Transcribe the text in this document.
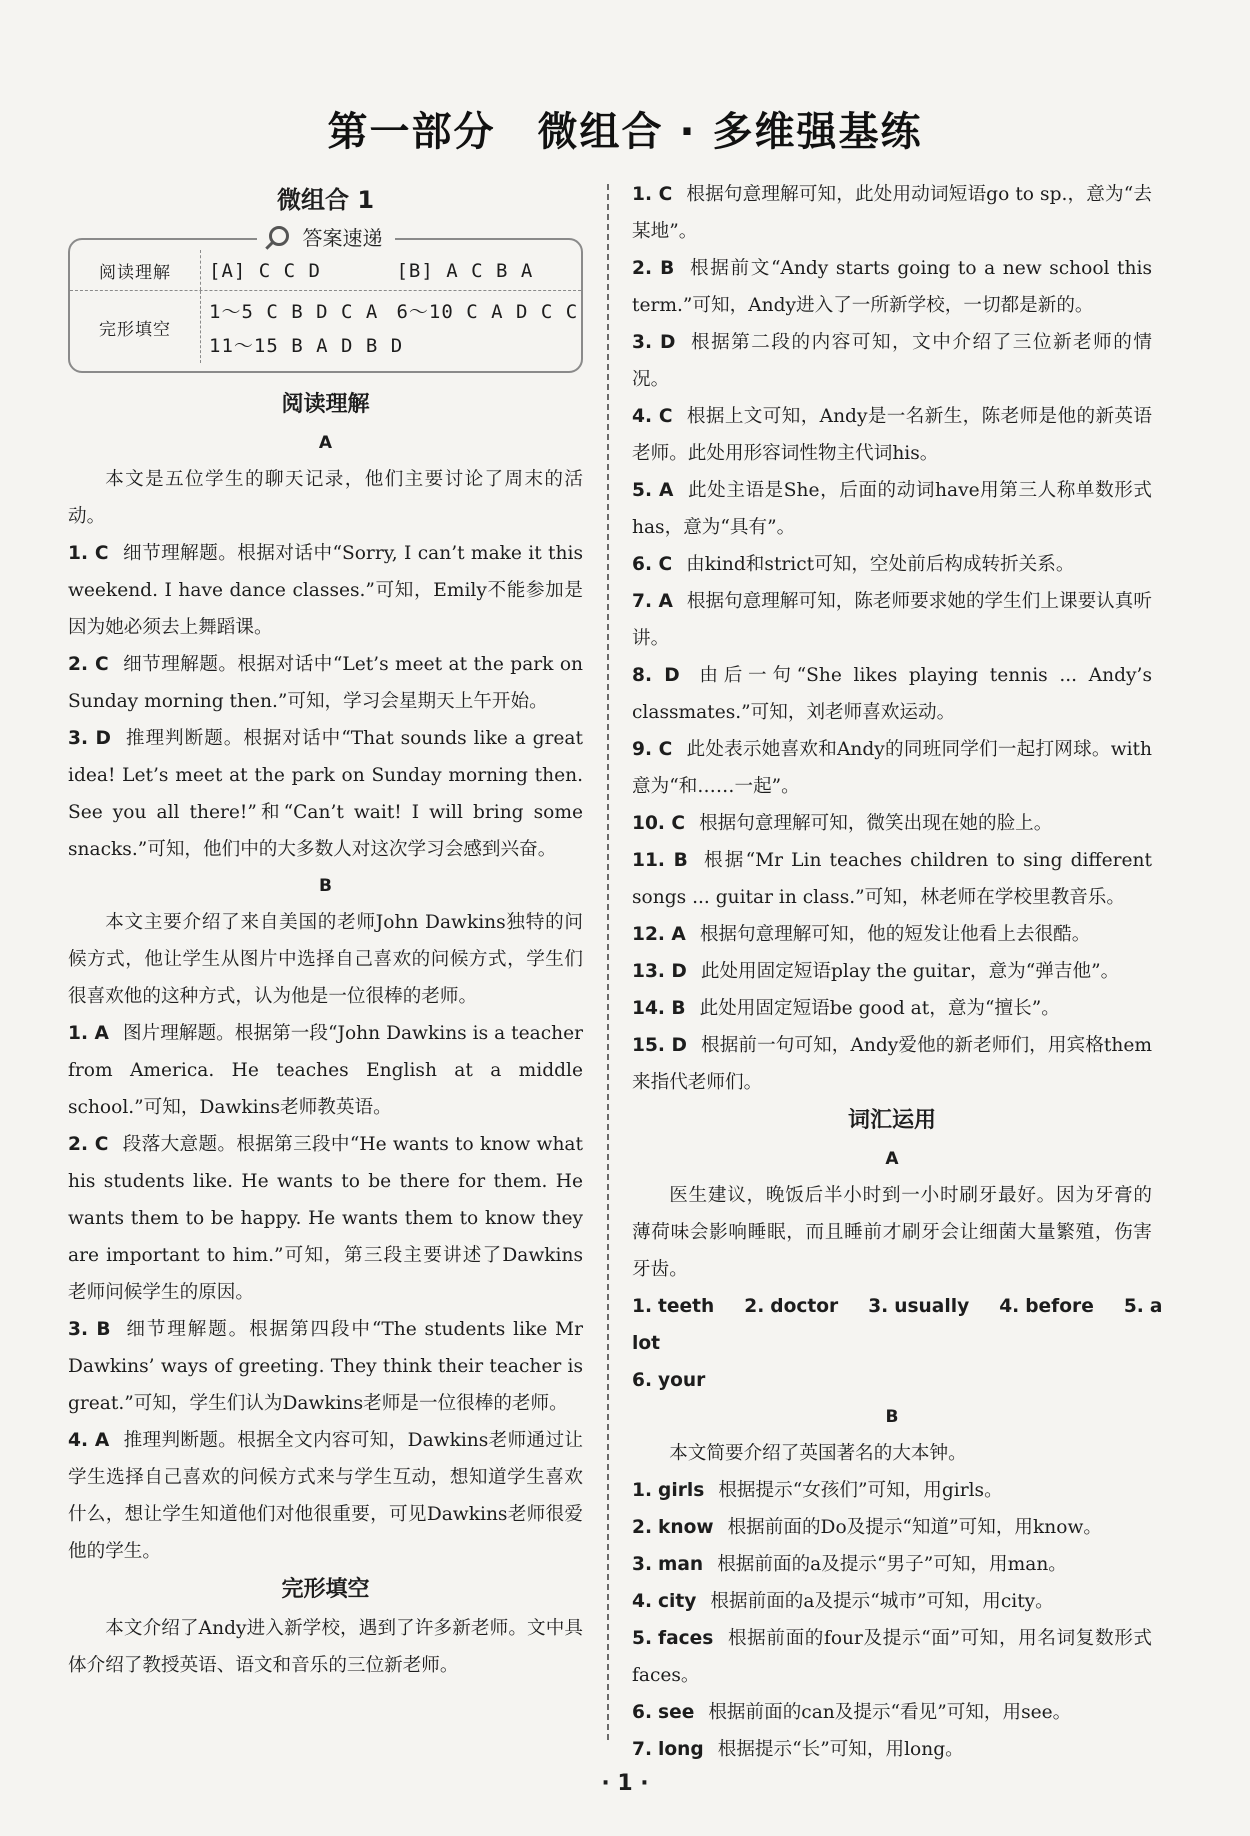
第一部分　微组合 · 多维强基练

微组合 1

答案速递
阅读理解	[A] C C D	[B] A C B A
完形填空
1～5 C B D C A 6～10 C A D C C
11～15 B A D B D

阅读理解

A

本文是五位学生的聊天记录，他们主要讨论了周末的活动。

1. C 细节理解题。根据对话中“Sorry, I can’t make it this weekend. I have dance classes.”可知，Emily不能参加是因为她必须去上舞蹈课。

2. C 细节理解题。根据对话中“Let’s meet at the park on Sunday morning then.”可知，学习会星期天上午开始。

3. D 推理判断题。根据对话中“That sounds like a great idea! Let’s meet at the park on Sunday morning then. See you all there!”和“Can’t wait! I will bring some snacks.”可知，他们中的大多数人对这次学习会感到兴奋。

B

本文主要介绍了来自美国的老师John Dawkins独特的问候方式，他让学生从图片中选择自己喜欢的问候方式，学生们很喜欢他的这种方式，认为他是一位很棒的老师。

1. A 图片理解题。根据第一段“John Dawkins is a teacher from America. He teaches English at a middle school.”可知，Dawkins老师教英语。

2. C 段落大意题。根据第三段中“He wants to know what his students like. He wants to be there for them. He wants them to be happy. He wants them to know they are important to him.”可知，第三段主要讲述了Dawkins老师问候学生的原因。

3. B 细节理解题。根据第四段中“The students like Mr Dawkins’ ways of greeting. They think their teacher is great.”可知，学生们认为Dawkins老师是一位很棒的老师。

4. A 推理判断题。根据全文内容可知，Dawkins老师通过让学生选择自己喜欢的问候方式来与学生互动，想知道学生喜欢什么，想让学生知道他们对他很重要，可见Dawkins老师很爱他的学生。

完形填空

本文介绍了Andy进入新学校，遇到了许多新老师。文中具体介绍了教授英语、语文和音乐的三位新老师。

1. C 根据句意理解可知，此处用动词短语go to sp.，意为“去某地”。

2. B 根据前文“Andy starts going to a new school this term.”可知，Andy进入了一所新学校，一切都是新的。

3. D 根据第二段的内容可知，文中介绍了三位新老师的情况。

4. C 根据上文可知，Andy是一名新生，陈老师是他的新英语老师。此处用形容词性物主代词his。

5. A 此处主语是She，后面的动词have用第三人称单数形式has，意为“具有”。

6. C 由kind和strict可知，空处前后构成转折关系。

7. A 根据句意理解可知，陈老师要求她的学生们上课要认真听讲。

8. D 由后一句“She likes playing tennis ... Andy’s classmates.”可知，刘老师喜欢运动。

9. C 此处表示她喜欢和Andy的同班同学们一起打网球。with意为“和……一起”。

10. C 根据句意理解可知，微笑出现在她的脸上。

11. B 根据“Mr Lin teaches children to sing different songs ... guitar in class.”可知，林老师在学校里教音乐。

12. A 根据句意理解可知，他的短发让他看上去很酷。

13. D 此处用固定短语play the guitar，意为“弹吉他”。

14. B 此处用固定短语be good at，意为“擅长”。

15. D 根据前一句可知，Andy爱他的新老师们，用宾格them来指代老师们。

词汇运用

A

医生建议，晚饭后半小时到一小时刷牙最好。因为牙膏的薄荷味会影响睡眠，而且睡前才刷牙会让细菌大量繁殖，伤害牙齿。

1. teeth 2. doctor 3. usually 4. before 5. a lot

6. your

B

本文简要介绍了英国著名的大本钟。

1. girls 根据提示“女孩们”可知，用girls。

2. know 根据前面的Do及提示“知道”可知，用know。

3. man 根据前面的a及提示“男子”可知，用man。

4. city 根据前面的a及提示“城市”可知，用city。

5. faces 根据前面的four及提示“面”可知，用名词复数形式faces。

6. see 根据前面的can及提示“看见”可知，用see。

7. long 根据提示“长”可知，用long。

· 1 ·
